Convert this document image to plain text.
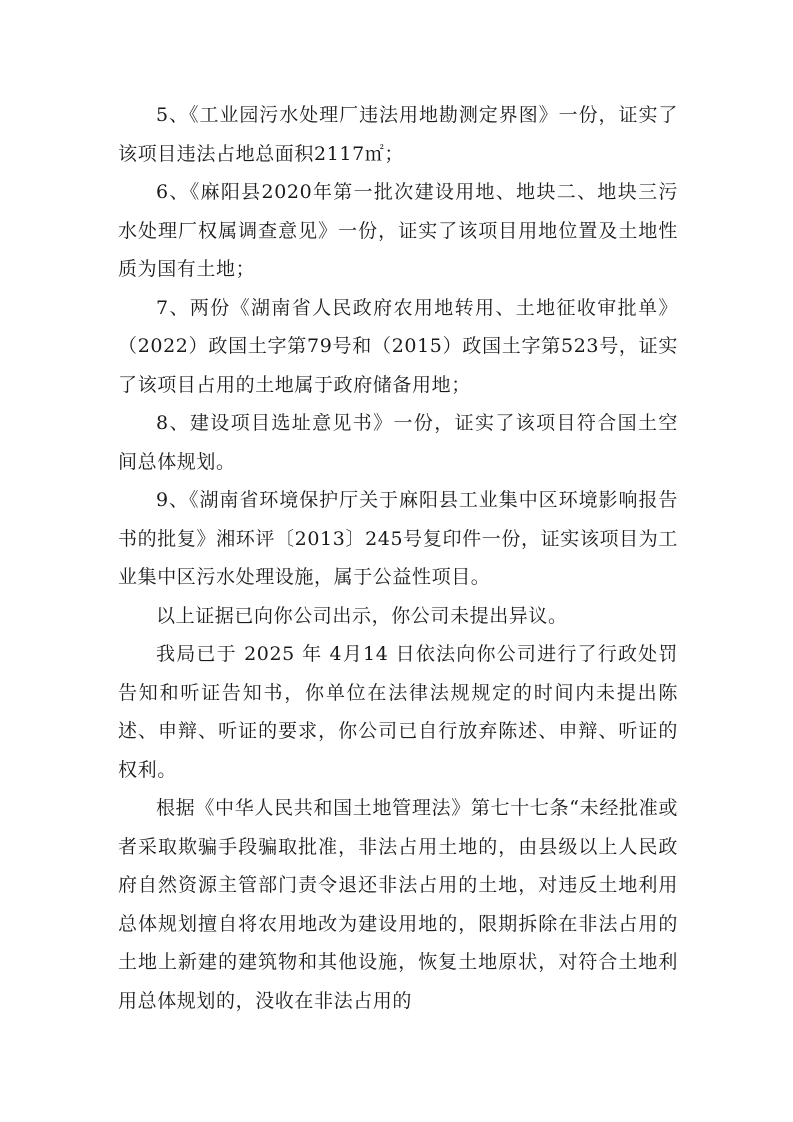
5、《工业园污水处理厂违法用地勘测定界图》一份，证实了该项目违法占地总面积2117㎡；

6、《麻阳县2020年第一批次建设用地、地块二、地块三污水处理厂权属调查意见》一份，证实了该项目用地位置及土地性质为国有土地；

7、两份《湖南省人民政府农用地转用、土地征收审批单》（2022）政国土字第79号和（2015）政国土字第523号，证实了该项目占用的土地属于政府储备用地；

8、建设项目选址意见书》一份，证实了该项目符合国土空间总体规划。

9、《湖南省环境保护厅关于麻阳县工业集中区环境影响报告书的批复》湘环评〔2013〕245号复印件一份，证实该项目为工业集中区污水处理设施，属于公益性项目。

以上证据已向你公司出示，你公司未提出异议。

我局已于 2025 年 4月14 日依法向你公司进行了行政处罚告知和听证告知书，你单位在法律法规规定的时间内未提出陈述、申辩、听证的要求，你公司已自行放弃陈述、申辩、听证的权利。

根据《中华人民共和国土地管理法》第七十七条“未经批准或者采取欺骗手段骗取批准，非法占用土地的，由县级以上人民政府自然资源主管部门责令退还非法占用的土地，对违反土地利用总体规划擅自将农用地改为建设用地的，限期拆除在非法占用的土地上新建的建筑物和其他设施，恢复土地原状，对符合土地利用总体规划的，没收在非法占用的
